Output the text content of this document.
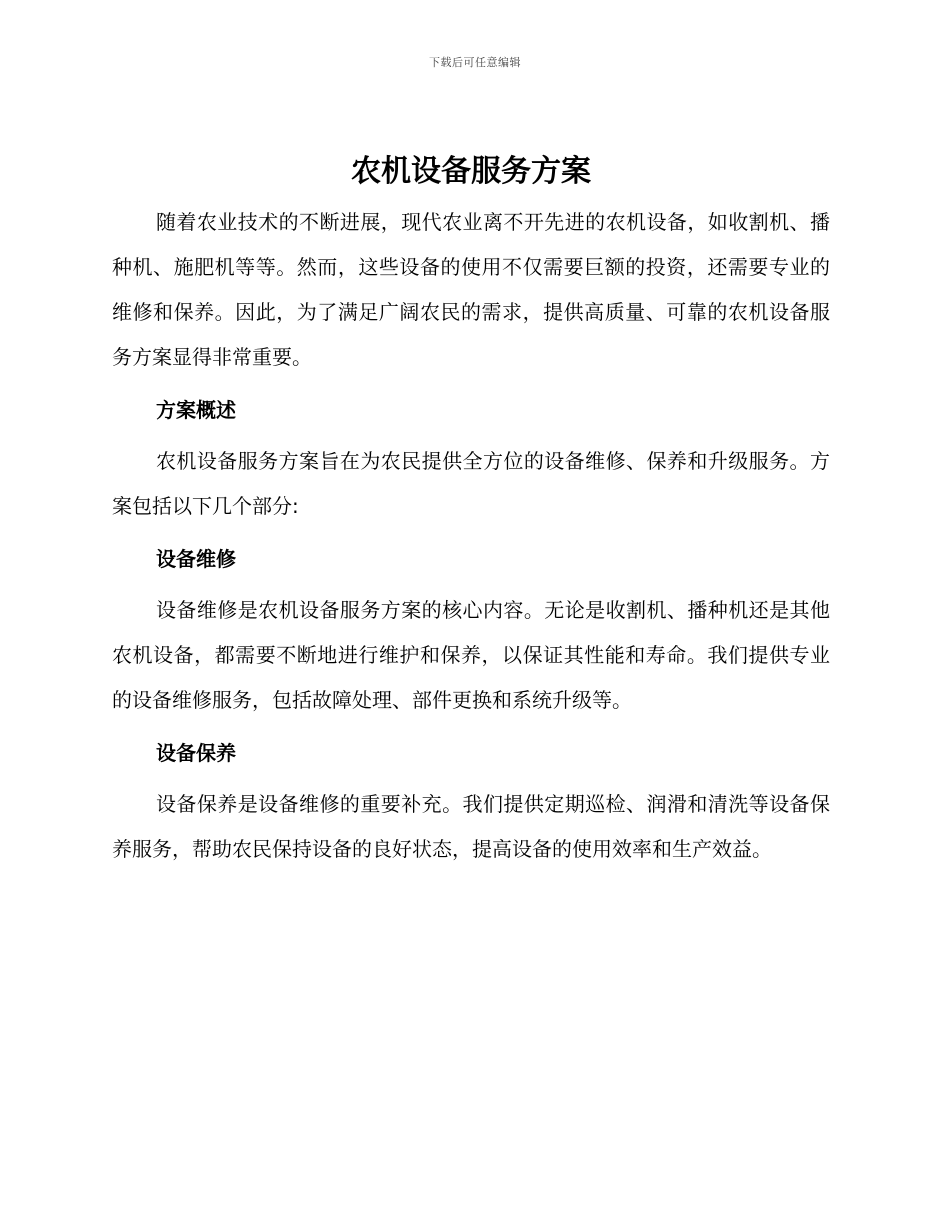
下载后可任意编辑
农机设备服务方案

随着农业技术的不断进展，现代农业离不开先进的农机设备，如收割机、播种机、施肥机等等。然而，这些设备的使用不仅需要巨额的投资，还需要专业的维修和保养。因此，为了满足广阔农民的需求，提供高质量、可靠的农机设备服务方案显得非常重要。

方案概述

农机设备服务方案旨在为农民提供全方位的设备维修、保养和升级服务。方案包括以下几个部分:

设备维修

设备维修是农机设备服务方案的核心内容。无论是收割机、播种机还是其他农机设备，都需要不断地进行维护和保养，以保证其性能和寿命。我们提供专业的设备维修服务，包括故障处理、部件更换和系统升级等。

设备保养

设备保养是设备维修的重要补充。我们提供定期巡检、润滑和清洗等设备保养服务，帮助农民保持设备的良好状态，提高设备的使用效率和生产效益。
